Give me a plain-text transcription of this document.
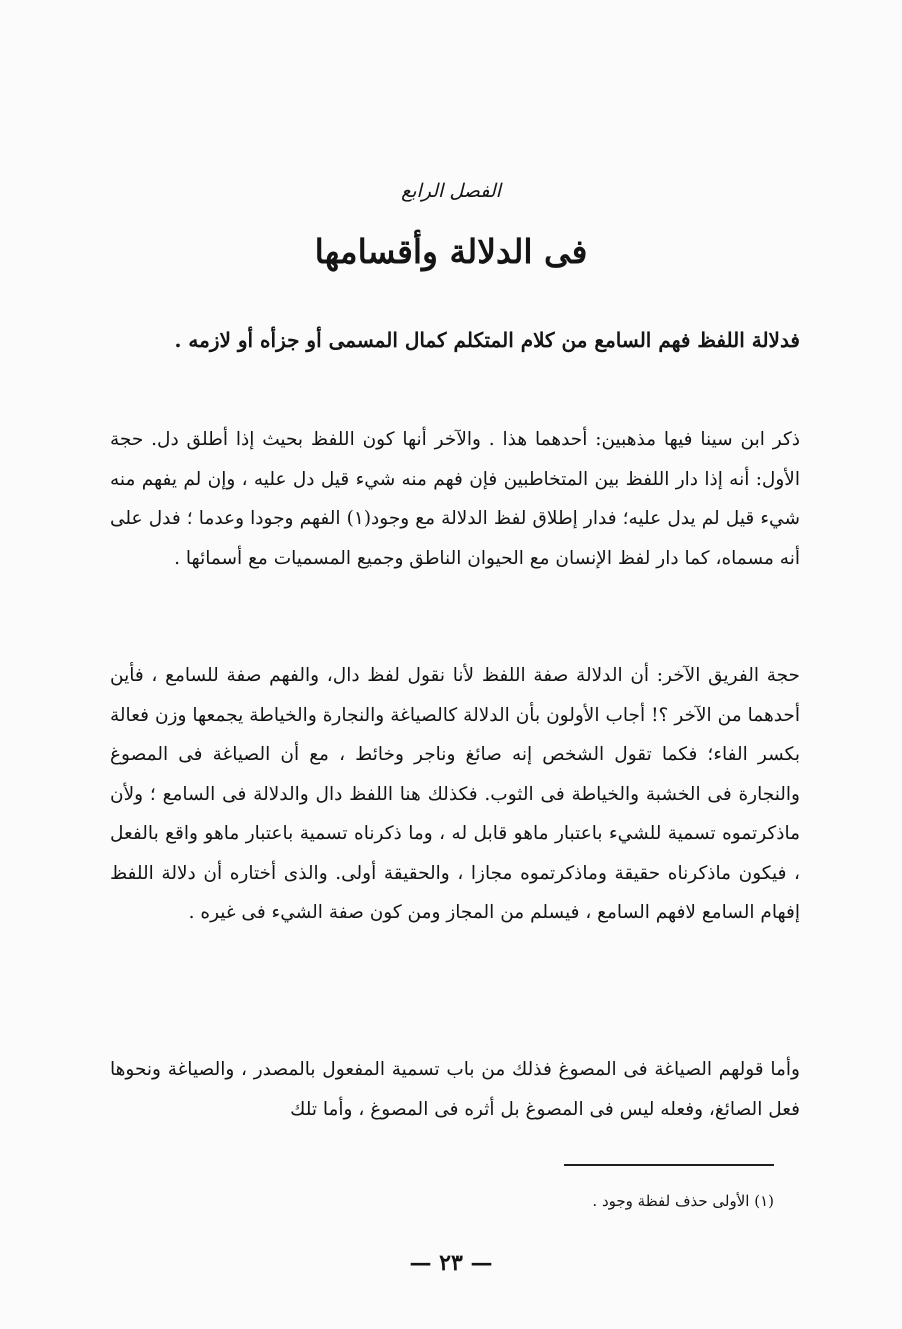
الفصل الرابع
فى الدلالة وأقسامها
فدلالة اللفظ فهم السامع من كلام المتكلم كمال المسمى أو جزأه أو لازمه .
ذكر ابن سينا فيها مذهبين: أحدهما هذا . والآخر أنها كون اللفظ بحيث إذا أطلق دل. حجة الأول: أنه إذا دار اللفظ بين المتخاطبين فإن فهم منه شيء قيل دل عليه ، وإن لم يفهم منه شيء قيل لم يدل عليه؛ فدار إطلاق لفظ الدلالة مع وجود(١) الفهم وجودا وعدما ؛ فدل على أنه مسماه، كما دار لفظ الإنسان مع الحيوان الناطق وجميع المسميات مع أسمائها .
حجة الفريق الآخر: أن الدلالة صفة اللفظ لأنا نقول لفظ دال، والفهم صفة للسامع ، فأين أحدهما من الآخر ؟! أجاب الأولون بأن الدلالة كالصياغة والنجارة والخياطة يجمعها وزن فعالة بكسر الفاء؛ فكما تقول الشخص إنه صائغ وناجر وخائط ، مع أن الصياغة فى المصوغ والنجارة فى الخشبة والخياطة فى الثوب. فكذلك هنا اللفظ دال والدلالة فى السامع ؛ ولأن ماذكرتموه تسمية للشيء باعتبار ماهو قابل له ، وما ذكرناه تسمية باعتبار ماهو واقع بالفعل ، فيكون ماذكرناه حقيقة وماذكرتموه مجازا ، والحقيقة أولى. والذى أختاره أن دلالة اللفظ إفهام السامع لافهم السامع ، فيسلم من المجاز ومن كون صفة الشيء فى غيره .
وأما قولهم الصياغة فى المصوغ فذلك من باب تسمية المفعول بالمصدر ، والصياغة ونحوها فعل الصائغ، وفعله ليس فى المصوغ بل أثره فى المصوغ ، وأما تلك
(١) الأولى حذف لفظة وجود .
— ٢٣ —
